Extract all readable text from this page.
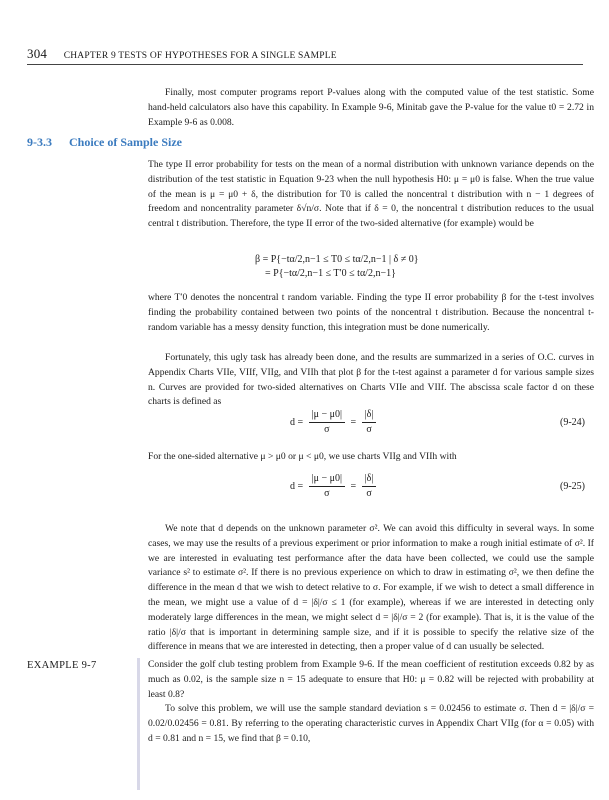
304 CHAPTER 9 TESTS OF HYPOTHESES FOR A SINGLE SAMPLE

Finally, most computer programs report P-values along with the computed value of the test statistic. Some hand-held calculators also have this capability. In Example 9-6, Minitab gave the P-value for the value t0 = 2.72 in Example 9-6 as 0.008.

9-3.3 Choice of Sample Size

The type II error probability for tests on the mean of a normal distribution with unknown variance depends on the distribution of the test statistic in Equation 9-23 when the null hypothesis H0: μ = μ0 is false. When the true value of the mean is μ = μ0 + δ, the distribution for T0 is called the noncentral t distribution with n − 1 degrees of freedom and noncentrality parameter δ√n/σ. Note that if δ = 0, the noncentral t distribution reduces to the usual central t distribution. Therefore, the type II error of the two-sided alternative (for example) would be

β = P{−tα/2,n−1 ≤ T0 ≤ tα/2,n−1 | δ ≠ 0}
= P{−tα/2,n−1 ≤ T′0 ≤ tα/2,n−1}

where T′0 denotes the noncentral t random variable. Finding the type II error probability β for the t-test involves finding the probability contained between two points of the noncentral t distribution. Because the noncentral t-random variable has a messy density function, this integration must be done numerically.

Fortunately, this ugly task has already been done, and the results are summarized in a series of O.C. curves in Appendix Charts VIIe, VIIf, VIIg, and VIIh that plot β for the t-test against a parameter d for various sample sizes n. Curves are provided for two-sided alternatives on Charts VIIe and VIIf. The abscissa scale factor d on these charts is defined as

$d = \frac{|\mu - \mu 0|}{\sigma} = \frac{|\delta|}{\sigma}$	(9-24)

For the one-sided alternative μ > μ0 or μ < μ0, we use charts VIIg and VIIh with

$d = \frac{|\mu - \mu 0|}{\sigma} = \frac{|\delta|}{\sigma}$	(9-25)

We note that d depends on the unknown parameter σ². We can avoid this difficulty in several ways. In some cases, we may use the results of a previous experiment or prior information to make a rough initial estimate of σ². If we are interested in evaluating test performance after the data have been collected, we could use the sample variance s² to estimate σ². If there is no previous experience on which to draw in estimating σ², we then define the difference in the mean d that we wish to detect relative to σ. For example, if we wish to detect a small difference in the mean, we might use a value of d = |δ|/σ ≤ 1 (for example), whereas if we are interested in detecting only moderately large differences in the mean, we might select d = |δ|/σ = 2 (for example). That is, it is the value of the ratio |δ|/σ that is important in determining sample size, and if it is possible to specify the relative size of the difference in means that we are interested in detecting, then a proper value of d can usually be selected.

EXAMPLE 9-7	Consider the golf club testing problem from Example 9-6. If the mean coefficient of restitution exceeds 0.82 by as much as 0.02, is the sample size n = 15 adequate to ensure that H0: μ = 0.82 will be rejected with probability at least 0.8?

To solve this problem, we will use the sample standard deviation s = 0.02456 to estimate σ. Then d = |δ|/σ = 0.02/0.02456 = 0.81. By referring to the operating characteristic curves in Appendix Chart VIIg (for α = 0.05) with d = 0.81 and n = 15, we find that β = 0.10,
